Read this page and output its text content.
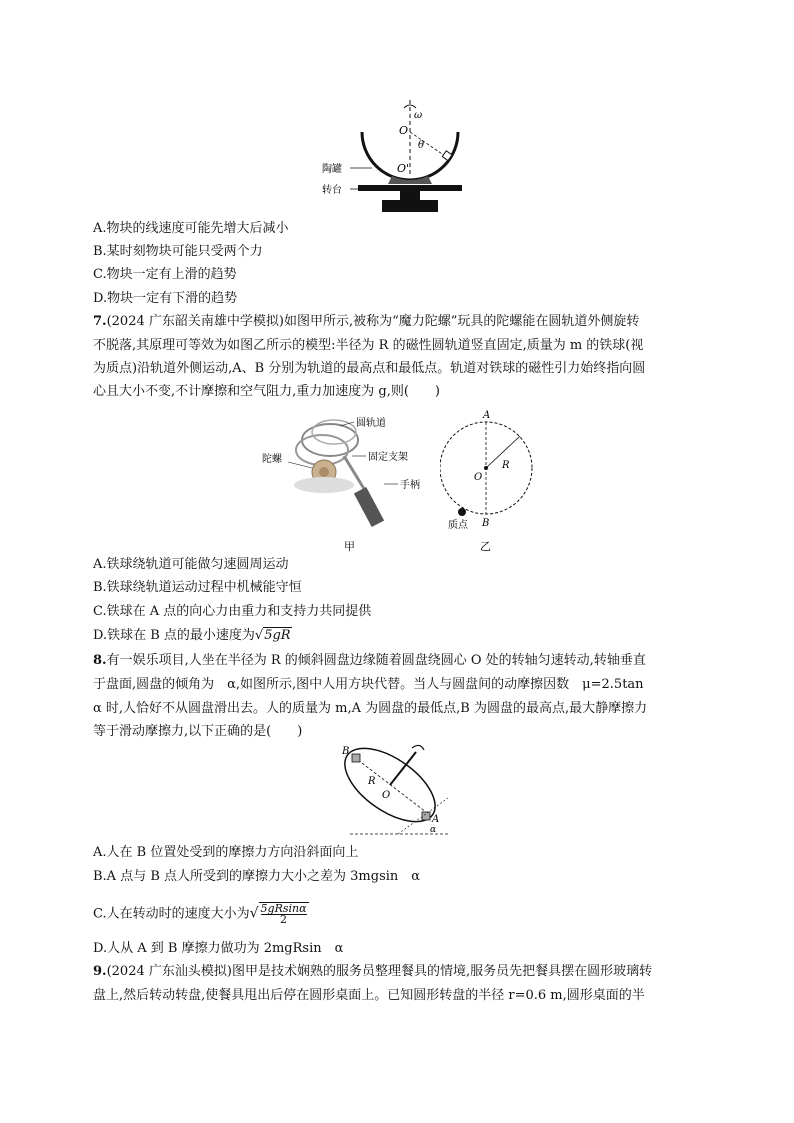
ω
O
θ
O'
陶罐
转台
A.物块的线速度可能先增大后减小
B.某时刻物块可能只受两个力
C.物块一定有上滑的趋势
D.物块一定有下滑的趋势
7.(2024 广东韶关南雄中学模拟)如图甲所示,被称为“魔力陀螺”玩具的陀螺能在圆轨道外侧旋转
不脱落,其原理可等效为如图乙所示的模型:半径为 R 的磁性圆轨道竖直固定,质量为 m 的铁球(视
为质点)沿轨道外侧运动,A、B 分别为轨道的最高点和最低点。轨道对铁球的磁性引力始终指向圆
心且大小不变,不计摩擦和空气阻力,重力加速度为 g,则(　　)
圆轨道
陀螺	固定支架
手柄
甲
A
B
O
R
质点
乙
A.铁球绕轨道可能做匀速圆周运动
B.铁球绕轨道运动过程中机械能守恒
C.铁球在 A 点的向心力由重力和支持力共同提供
D.铁球在 B 点的最小速度为√5gR
8.有一娱乐项目,人坐在半径为 R 的倾斜圆盘边缘随着圆盘绕圆心 O 处的转轴匀速转动,转轴垂直
于盘面,圆盘的倾角为　α,如图所示,图中人用方块代替。当人与圆盘间的动摩擦因数　μ=2.5tan
α 时,人恰好不从圆盘滑出去。人的质量为 m,A 为圆盘的最低点,B 为圆盘的最高点,最大静摩擦力
等于滑动摩擦力,以下正确的是(　　)
B
A
O
R
α
A.人在 B 位置处受到的摩擦力方向沿斜面向上
B.A 点与 B 点人所受到的摩擦力大小之差为 3mgsin　α
C.人在转动时的速度大小为√ $\frac{5gRsin\alpha}{2}$
D.人从 A 到 B 摩擦力做功为 2mgRsin　α
9.(2024 广东汕头模拟)图甲是技术娴熟的服务员整理餐具的情境,服务员先把餐具摆在圆形玻璃转
盘上,然后转动转盘,使餐具甩出后停在圆形桌面上。已知圆形转盘的半径 r=0.6 m,圆形桌面的半
